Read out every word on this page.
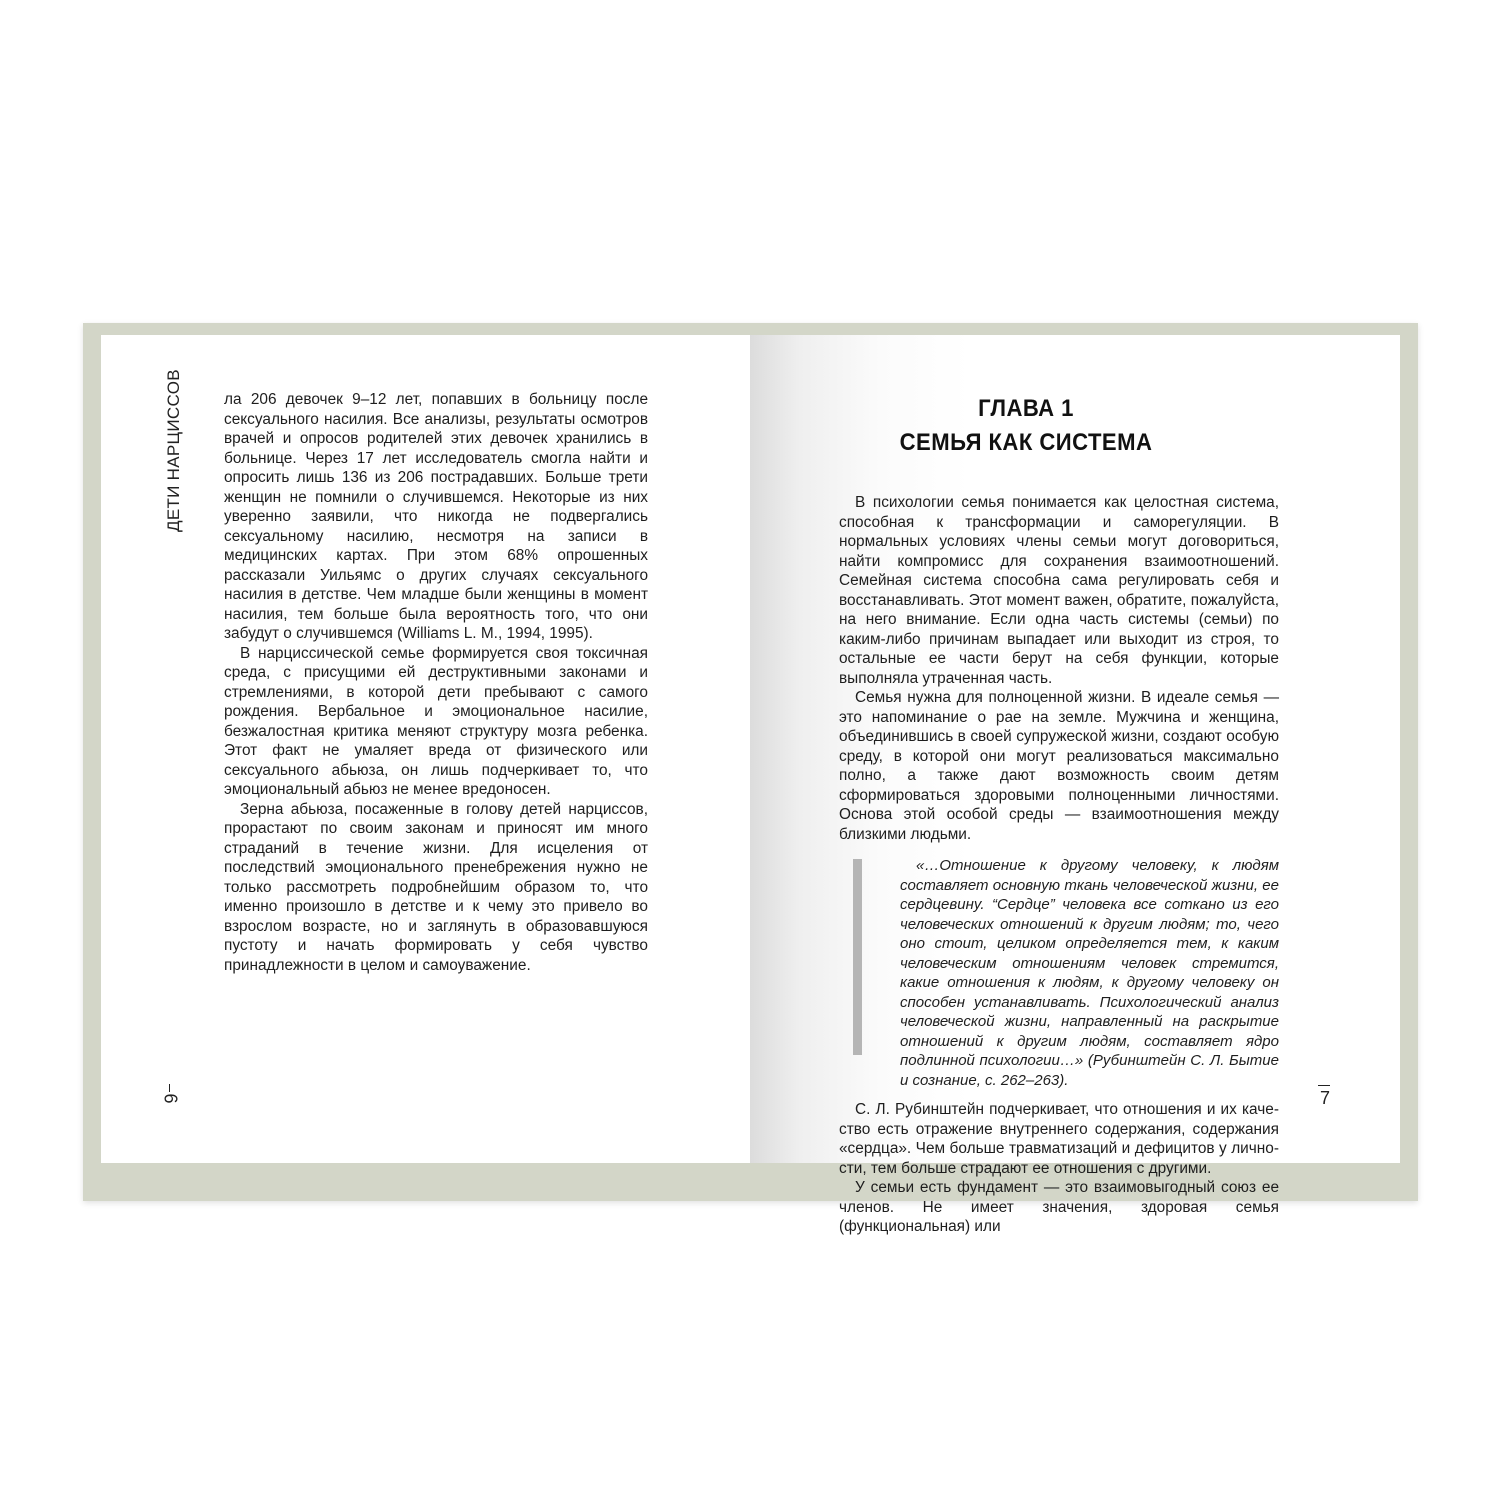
ДЕТИ НАРЦИССОВ	ла 206 девочек 9–12 лет, попавших в больницу после сексуального насилия. Все анализы, результаты осмотров врачей и опросов родителей этих девочек хранились в больнице. Через 17 лет исследователь смогла найти и опросить лишь 136 из 206 пострадавших. Больше трети женщин не помнили о случившемся. Некоторые из них уверенно заявили, что никогда не подвергались сексуальному насилию, несмотря на записи в медицинских картах. При этом 68% опрошенных рассказали Уильямс о других случаях сексуального насилия в детстве. Чем младше были женщины в момент насилия, тем больше была вероятность того, что они забудут о случившемся (Williams L. M., 1994, 1995).

В нарциссической семье формируется своя токсичная среда, с присущими ей деструктивными законами и стремлениями, в которой дети пребывают с самого рождения. Вербальное и эмоциональное насилие, безжалостная критика меняют структуру мозга ребенка. Этот факт не умаляет вреда от физического или сексуального абьюза, он лишь подчеркивает то, что эмоциональный абьюз не менее вредоносен.

Зерна абьюза, посаженные в голову детей нарциссов, прорастают по своим законам и приносят им много страданий в течение жизни. Для исцеления от последствий эмоционального пренебрежения нужно не только рассмотреть подробнейшим образом то, что именно произошло в детстве и к чему это привело во взрослом возрасте, но и заглянуть в образовавшуюся пустоту и начать формировать у себя чувство принадлежности в целом и самоуважение.

6
ГЛАВА 1
СЕМЬЯ КАК СИСТЕМА

В психологии семья понимается как целостная система, способная к трансформации и саморегуляции. В нормальных условиях члены семьи могут договориться, найти компромисс для сохранения взаимоотношений. Семейная система способна сама регулировать себя и восстанавливать. Этот момент важен, обратите, пожалуйста, на него внимание. Если одна часть системы (семьи) по каким-либо причинам выпадает или выходит из строя, то остальные ее части берут на себя функции, которые выполняла утраченная часть.

Семья нужна для полноценной жизни. В идеале семья — это напоминание о рае на земле. Мужчина и женщина, объединившись в своей супружеской жизни, создают особую среду, в которой они могут реализоваться максимально полно, а также дают возможность своим детям сформироваться здоровыми полноценными личностями. Основа этой особой среды — взаимоотношения между близкими людьми.

«…Отношение к другому человеку, к людям составляет основную ткань человеческой жизни, ее сердцевину. “Сердце” человека все соткано из его человеческих отношений к другим людям; то, чего оно стоит, целиком определяется тем, к каким человеческим отношениям человек стремится, какие отношения к людям, к другому человеку он способен устанавливать. Психологический анализ человеческой жизни, направленный на раскрытие отношений к другим людям, составляет ядро подлинной психологии…» (Рубинштейн С. Л. Бытие и сознание, с. 262–263).

С. Л. Рубинштейн подчеркивает, что отношения и их качество есть отражение внутреннего содержания, содержания «сердца». Чем больше травматизаций и дефицитов у личности, тем больше страдают ее отношения с другими.

У семьи есть фундамент — это взаимовыгодный союз ее членов. Не имеет значения, здоровая семья (функциональная) или

7
